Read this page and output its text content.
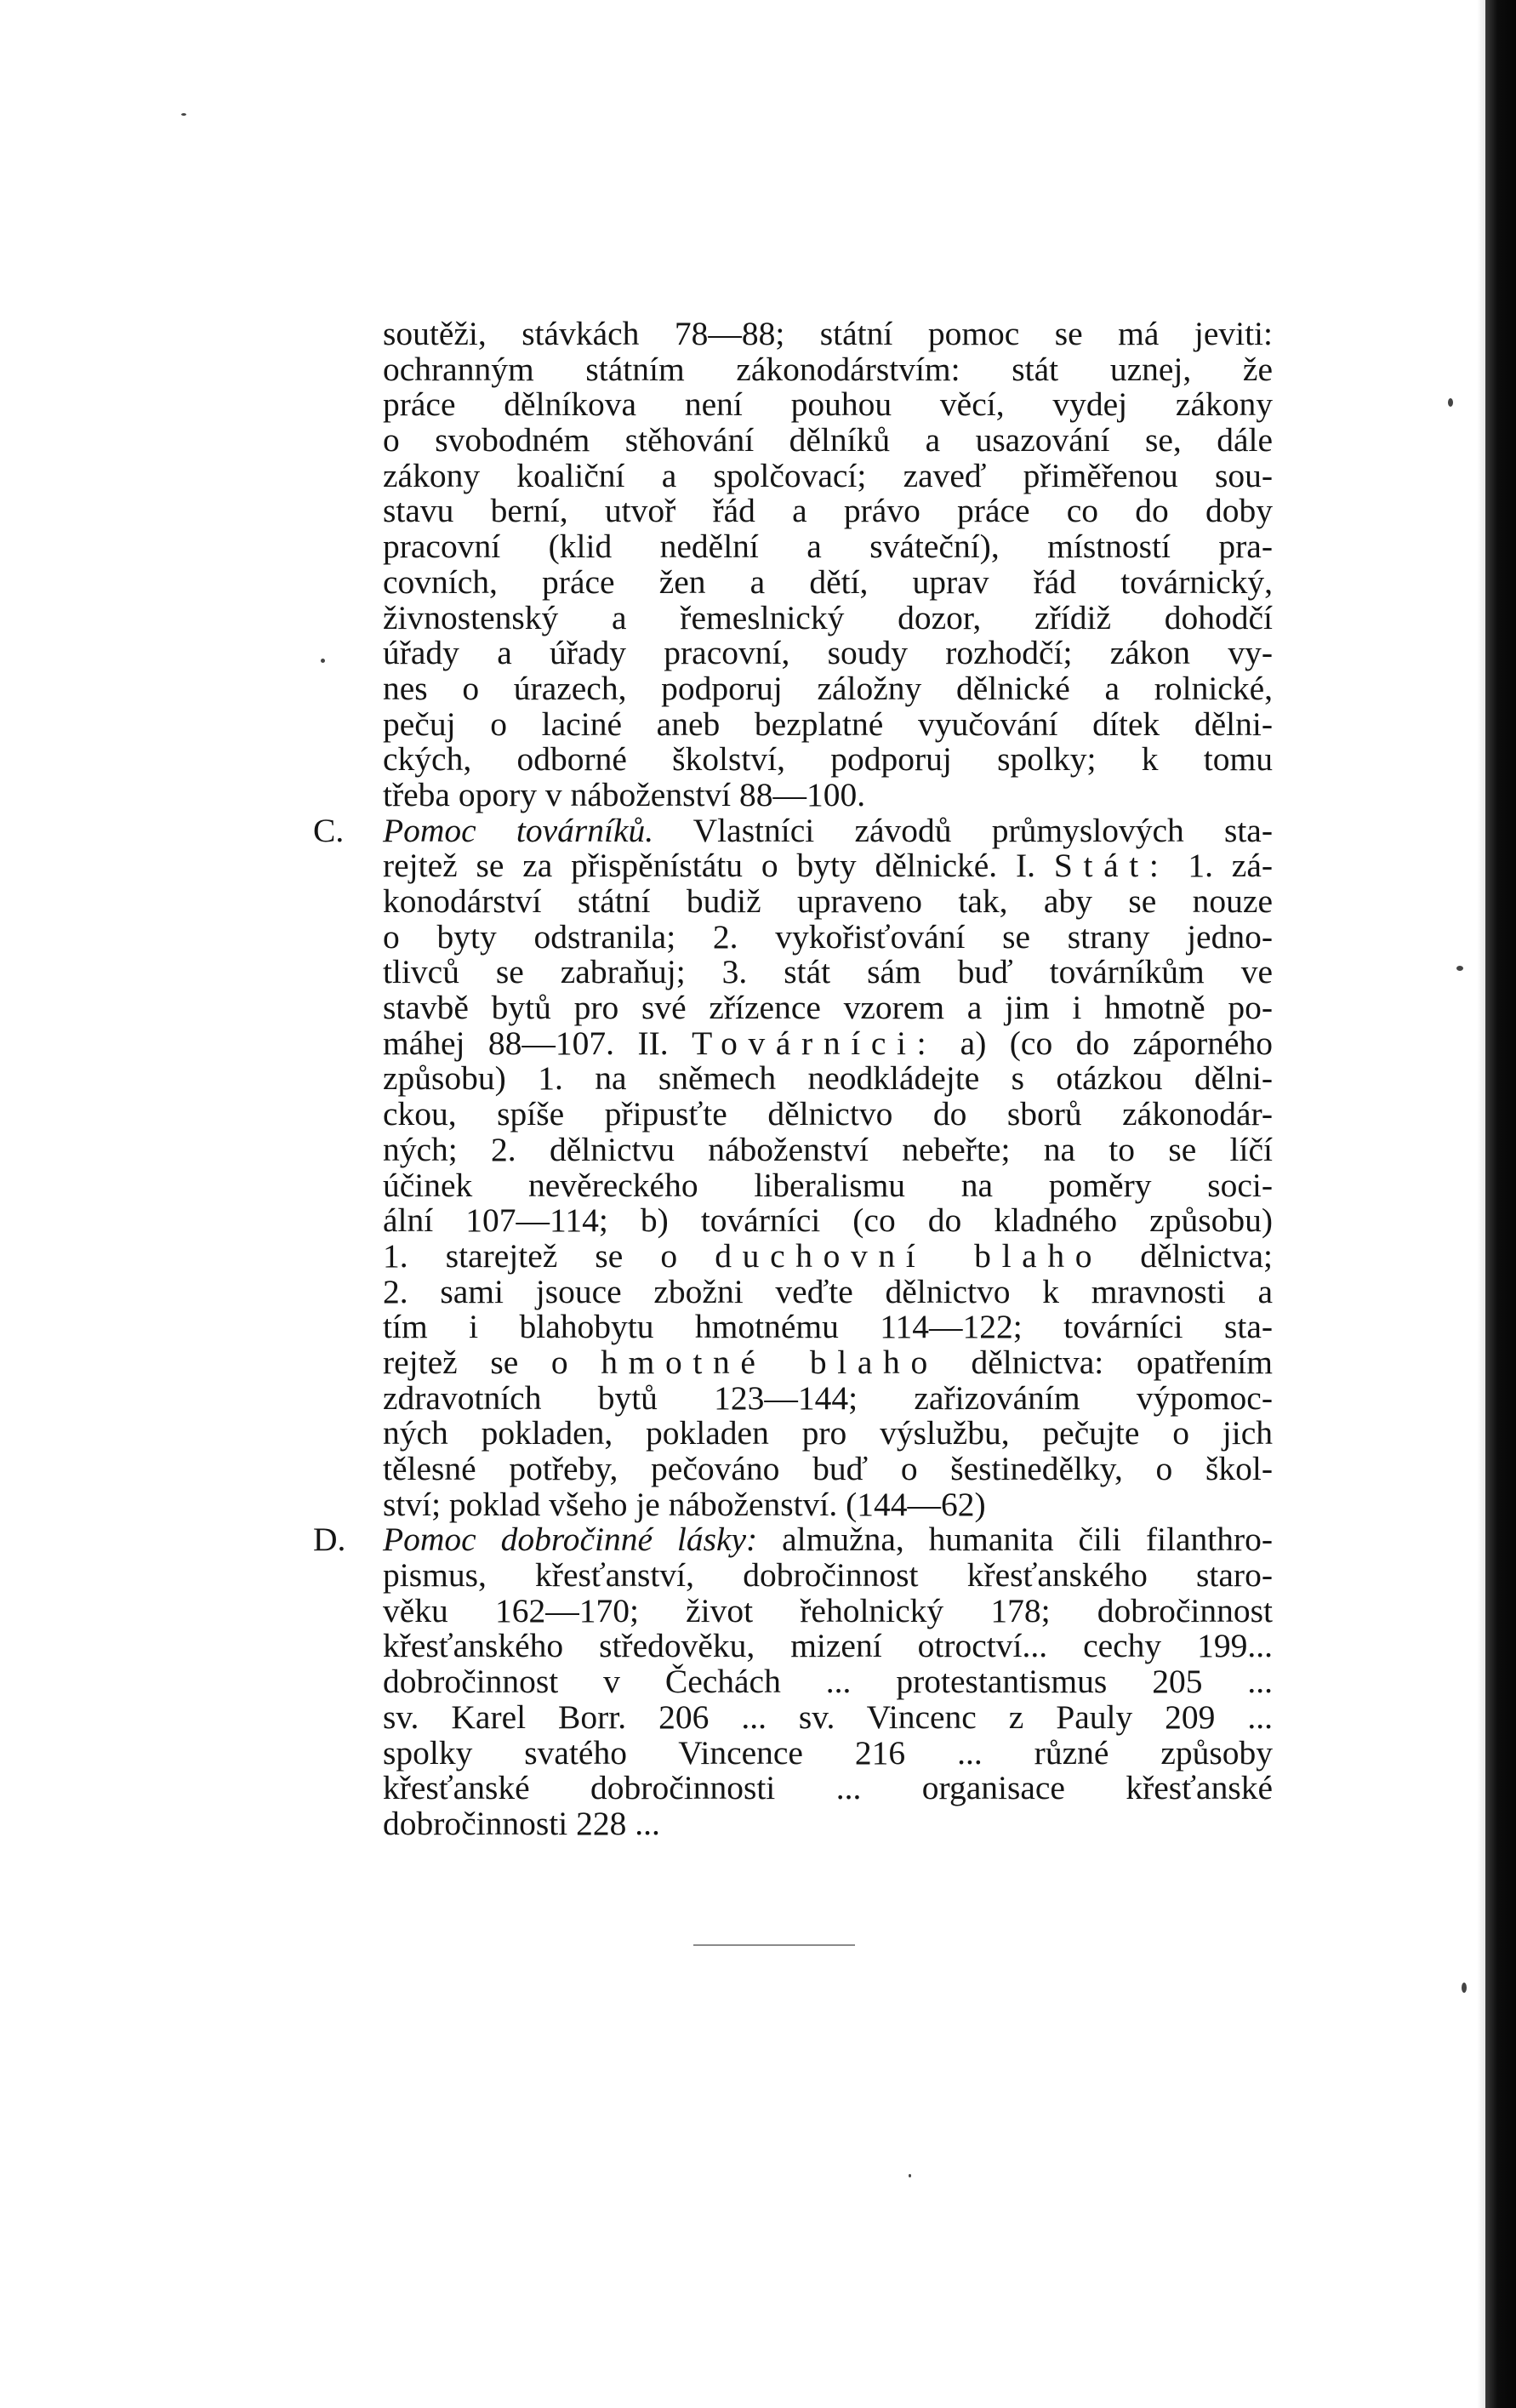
soutěži, stávkách 78—88; státní pomoc se má jeviti:
ochranným státním zákonodárstvím: stát uznej, že
práce dělníkova není pouhou věcí, vydej zákony
o svobodném stěhování dělníků a usazování se, dále
zákony koaliční a spolčovací; zaveď přiměřenou sou-
stavu berní, utvoř řád a právo práce co do doby
pracovní (klid nedělní a sváteční), místností pra-
covních, práce žen a dětí, uprav řád továrnický,
živnostenský a řemeslnický dozor, zřídiž dohodčí
úřady a úřady pracovní, soudy rozhodčí; zákon vy-
nes o úrazech, podporuj záložny dělnické a rolnické,
pečuj o laciné aneb bezplatné vyučování dítek dělni-
ckých, odborné školství, podporuj spolky; k tomu
třeba opory v náboženství 88—100.
C. Pomoc továrníků. Vlastníci závodů průmyslových sta-
rejtež se za přispěnístátu o byty dělnické. I. Stát: 1. zá-
konodárství státní budiž upraveno tak, aby se nouze
o byty odstranila; 2. vykořisťování se strany jedno-
tlivců se zabraňuj; 3. stát sám buď továrníkům ve
stavbě bytů pro své zřízence vzorem a jim i hmotně po-
máhej 88—107. II. Továrníci: a) (co do záporného
způsobu) 1. na sněmech neodkládejte s otázkou dělni-
ckou, spíše připusťte dělnictvo do sborů zákonodár-
ných; 2. dělnictvu náboženství nebeřte; na to se líčí
účinek nevěreckého liberalismu na poměry soci-
ální 107—114; b) továrníci (co do kladného způsobu)
1. starejtež se o duchovní blaho dělnictva;
2. sami jsouce zbožni veďte dělnictvo k mravnosti a
tím i blahobytu hmotnému 114—122; továrníci sta-
rejtež se o hmotné blaho dělnictva: opatřením
zdravotních bytů 123—144; zařizováním výpomoc-
ných pokladen, pokladen pro výslužbu, pečujte o jich
tělesné potřeby, pečováno buď o šestinedělky, o škol-
ství; poklad všeho je náboženství. (144—62)
D. Pomoc dobročinné lásky: almužna, humanita čili filanthro-
pismus, křesťanství, dobročinnost křesťanského staro-
věku 162—170; život řeholnický 178; dobročinnost
křesťanského středověku, mizení otroctví... cechy 199...
dobročinnost v Čechách ... protestantismus 205 ...
sv. Karel Borr. 206 ... sv. Vincenc z Pauly 209 ...
spolky svatého Vincence 216 ... různé způsoby
křesťanské dobročinnosti ... organisace křesťanské
dobročinnosti 228 ...
